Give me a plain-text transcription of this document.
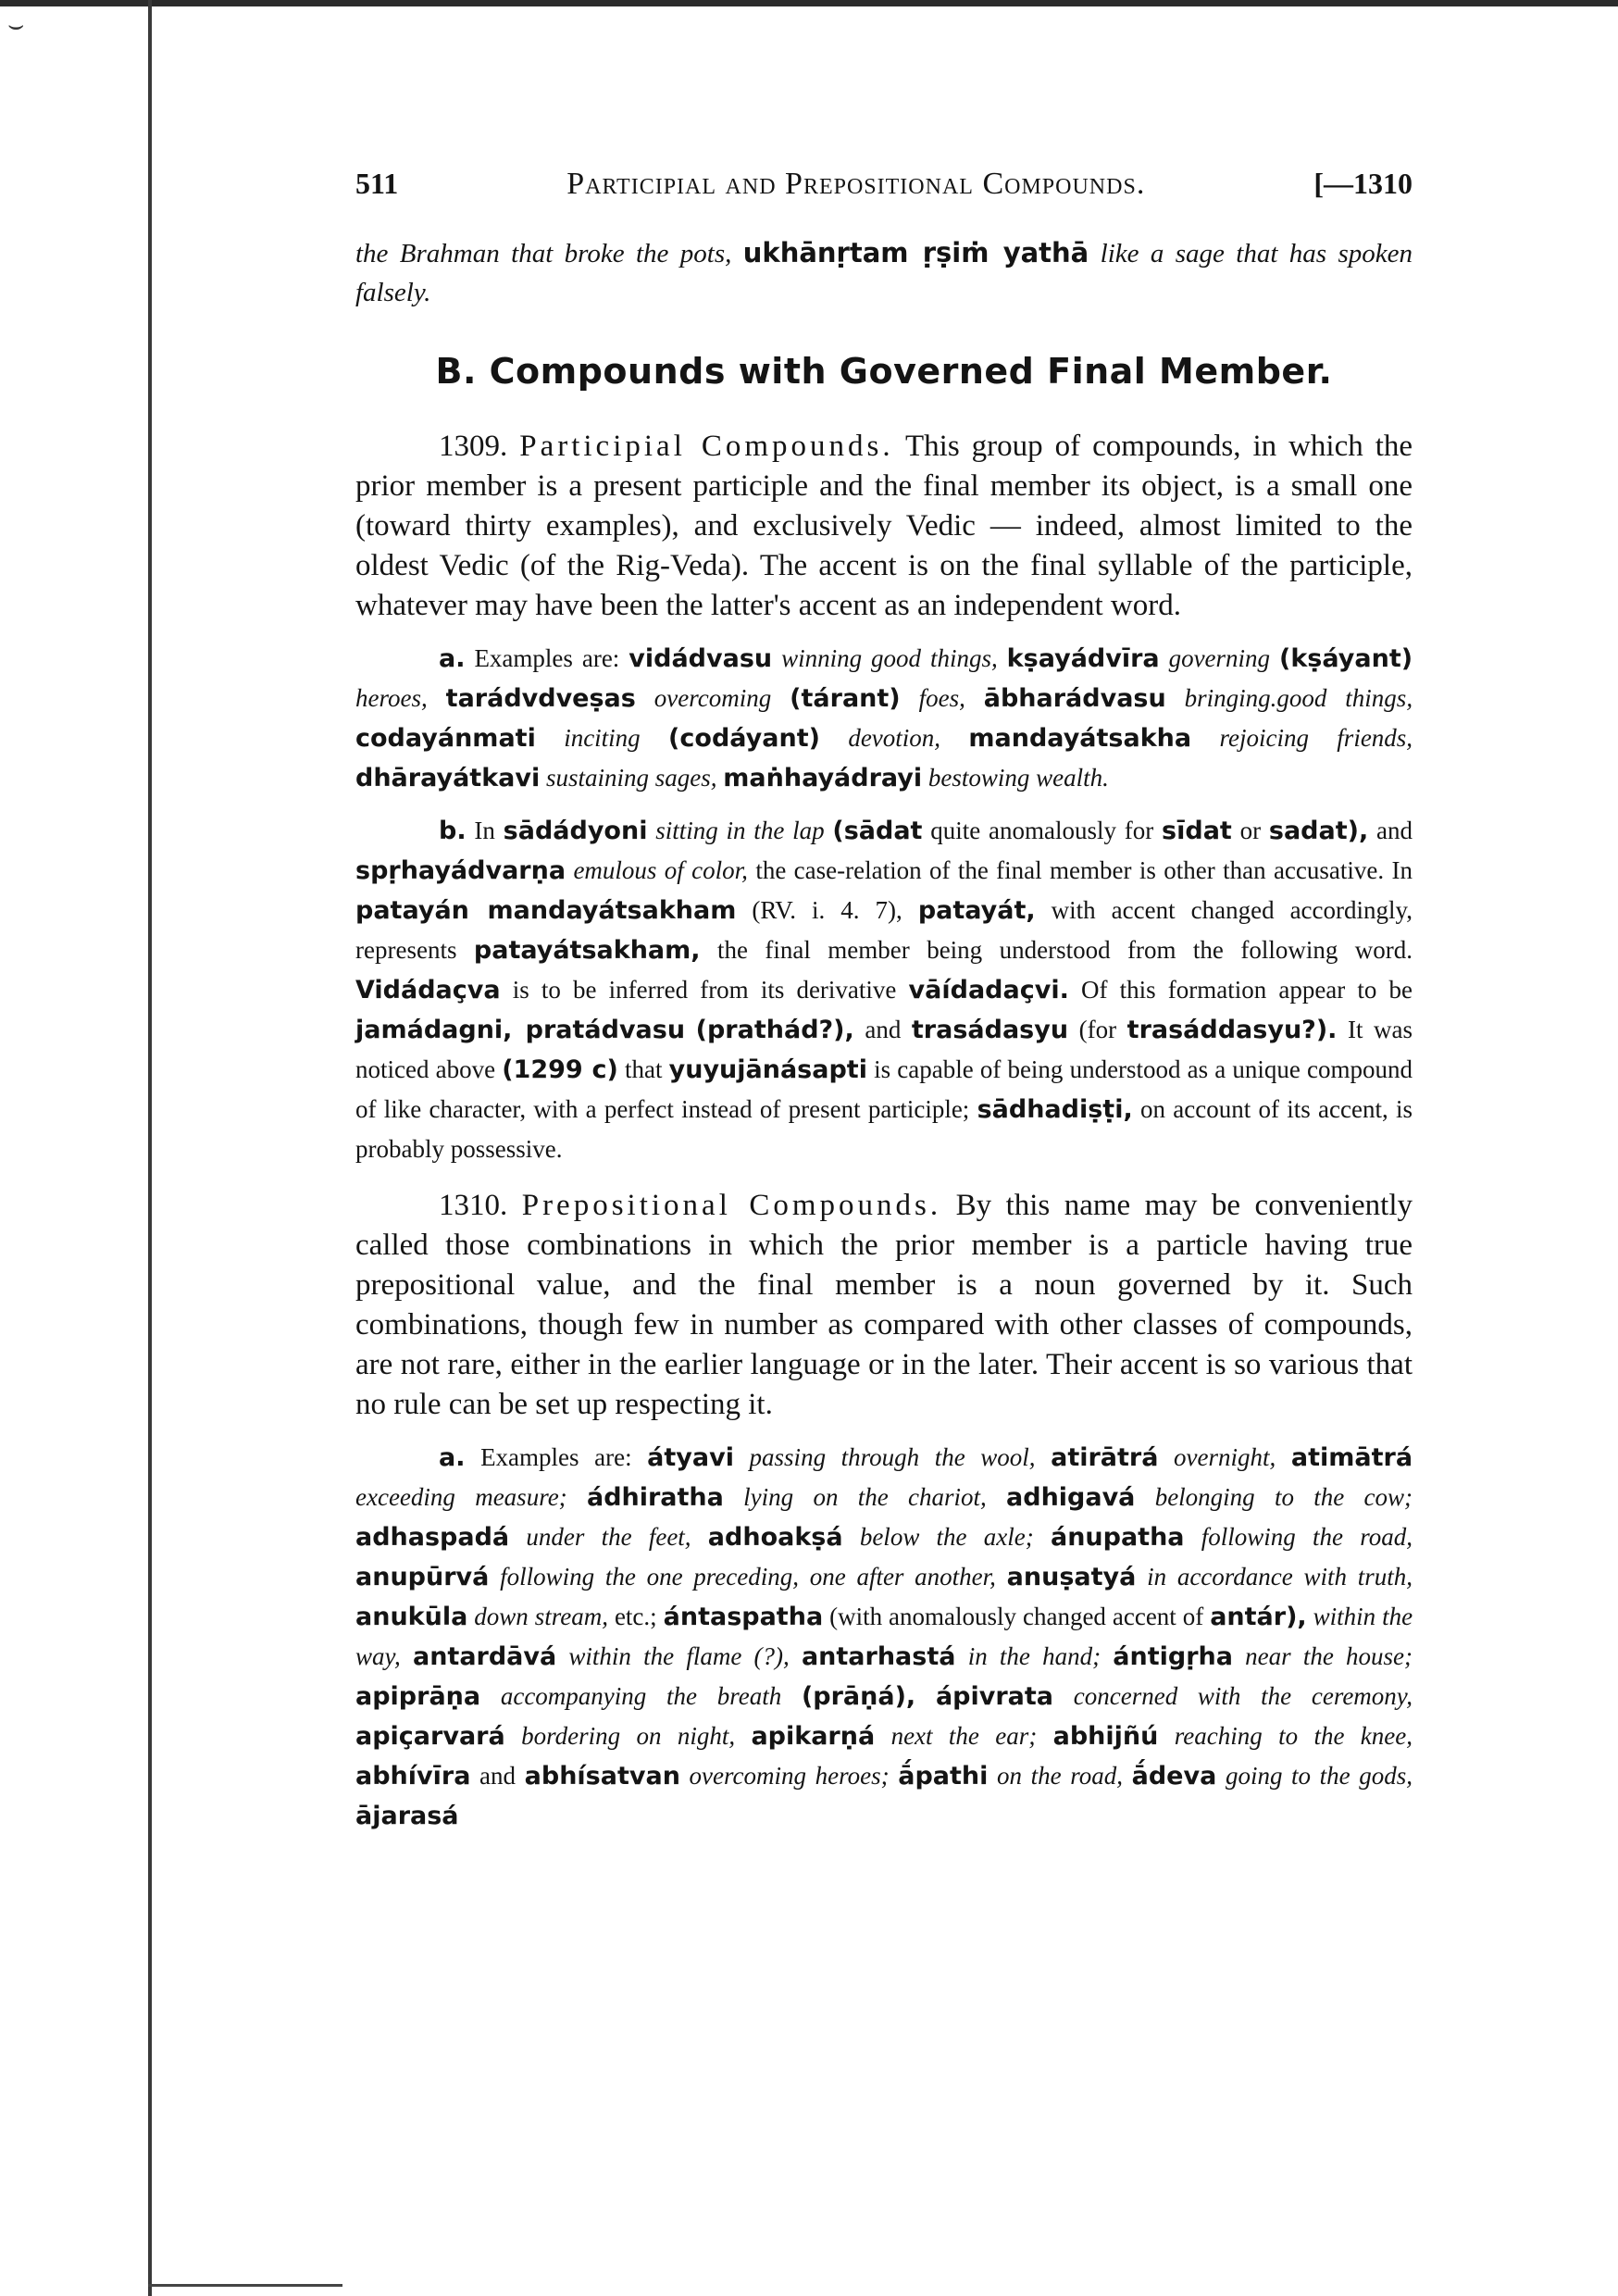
⌣
511	Participial and Prepositional Compounds.	[—1310

the Brahman that broke the pots, ukhānṛtam ṛṣiṁ yathā like a sage that has spoken falsely.

B. Compounds with Governed Final Member.

1309. Participial Compounds. This group of compounds, in which the prior member is a present participle and the final member its object, is a small one (toward thirty examples), and exclusively Vedic — indeed, almost limited to the oldest Vedic (of the Rig-Veda). The accent is on the final syllable of the participle, whatever may have been the latter's accent as an independent word.

a. Examples are: vidádvasu winning good things, kṣayádvīra governing (kṣáyant) heroes, tarádvdveṣas overcoming (tárant) foes, ābharádvasu bringing.good things, codayánmati inciting (codáyant) devotion, mandayátsakha rejoicing friends, dhārayátkavi sustaining sages, maṅhayádrayi bestowing wealth.

b. In sādádyoni sitting in the lap (sādat quite anomalously for sīdat or sadat), and spṛhayádvarṇa emulous of color, the case-relation of the final member is other than accusative. In patayán mandayátsakham (RV. i. 4. 7), patayát, with accent changed accordingly, represents patayátsakham, the final member being understood from the following word. Vidádaçva is to be inferred from its derivative vāídadaçvi. Of this formation appear to be jamádagni, pratádvasu (prathád?), and trasádasyu (for trasáddasyu?). It was noticed above (1299 c) that yuyujānásapti is capable of being understood as a unique compound of like character, with a perfect instead of present participle; sādhadiṣṭi, on account of its accent, is probably possessive.

1310. Prepositional Compounds. By this name may be conveniently called those combinations in which the prior member is a particle having true prepositional value, and the final member is a noun governed by it. Such combinations, though few in number as compared with other classes of compounds, are not rare, either in the earlier language or in the later. Their accent is so various that no rule can be set up respecting it.

a. Examples are: átyavi passing through the wool, atirātrá overnight, atimātrá exceeding measure; ádhiratha lying on the chariot, adhigavá belonging to the cow; adhaspadá under the feet, adhoakṣá below the axle; ánupatha following the road, anupūrvá following the one preceding, one after another, anuṣatyá in accordance with truth, anukūla down stream, etc.; ántaspatha (with anomalously changed accent of antár), within the way, antardāvá within the flame (?), antarhastá in the hand; ántigṛha near the house; apiprāṇa accompanying the breath (prāṇá), ápivrata concerned with the ceremony, apiçarvará bordering on night, apikarṇá next the ear; abhijñú reaching to the knee, abhívīra and abhísatvan overcoming heroes; ā́pathi on the road, ā́deva going to the gods, ājarasá
